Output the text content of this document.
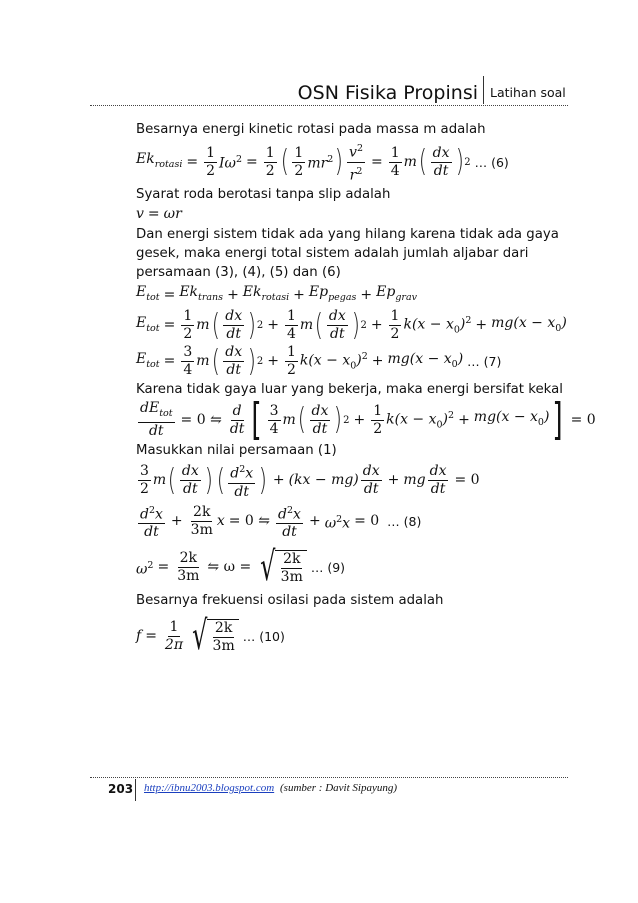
OSN Fisika Propinsi Latihan soal
Besarnya energi kinetic rotasi pada massa m adalah
$Ek_{rotasi} = \frac{1}{2} I\omega^2 = \frac{1}{2}$ ( $\frac{1}{2} mr^2$ ) $\frac{v^2}{r^2} = \frac{1}{4}$ m ( $\frac{dx}{dt}$ ) 2 … (6)
Syarat roda berotasi tanpa slip adalah
v = ωr
Dan energi sistem tidak ada yang hilang karena tidak ada gaya gesek, maka energi total sistem adalah jumlah aljabar dari persamaan (3), (4), (5) dan (6)
$E_{tot} = Ek_{trans} + Ek_{rotasi} + Ep_{pegas} + Ep_{grav}$
$E_{tot} = \frac{1}{2}$ m ( $\frac{dx}{dt}$ ) $2 + \frac{1}{4}$ m ( $\frac{dx}{dt}$ ) $2 + \frac{1}{2} k(x - x_0)^2 + mg(x - x_0)$
$E_{tot} = \frac{3}{4}$ m ( $\frac{dx}{dt}$ ) $2 + \frac{1}{2} k(x - x_0)^2 + mg(x - x_0)$ … (7)
Karena tidak gaya luar yang bekerja, maka energi bersifat kekal
$\frac{dE_{tot}}{dt} = 0$ ⇋ $\frac{d}{dt}$ [ $\frac{3}{4}$ m ( $\frac{dx}{dt}$ ) $2 + \frac{1}{2} k(x - x_0)^2 + mg(x - x_0)$ ] = 0
Masukkan nilai persamaan (1)
$\frac{3}{2}$ m ( $\frac{dx}{dt}$ ) ( $\frac{d^2x}{dt}$ ) + $(kx - mg) \frac{dx}{dt}$ + mg $\frac{dx}{dt} = 0$
$\frac{d^2x}{dt} + \frac{2k}{3m}$ x = 0 ⇋ $\frac{d^2x}{dt} + \omega^2x = 0$ … (8)
$\omega^2 = \frac{2k}{3m}$ ⇋ ω = √ $\frac{2k}{3m}$ … (9)
Besarnya frekuensi osilasi pada sistem adalah
$f = \frac{1}{2\pi}$ √ $\frac{2k}{3m}$ … (10)
203 http://ibnu2003.blogspot.com (sumber : Davit Sipayung)
